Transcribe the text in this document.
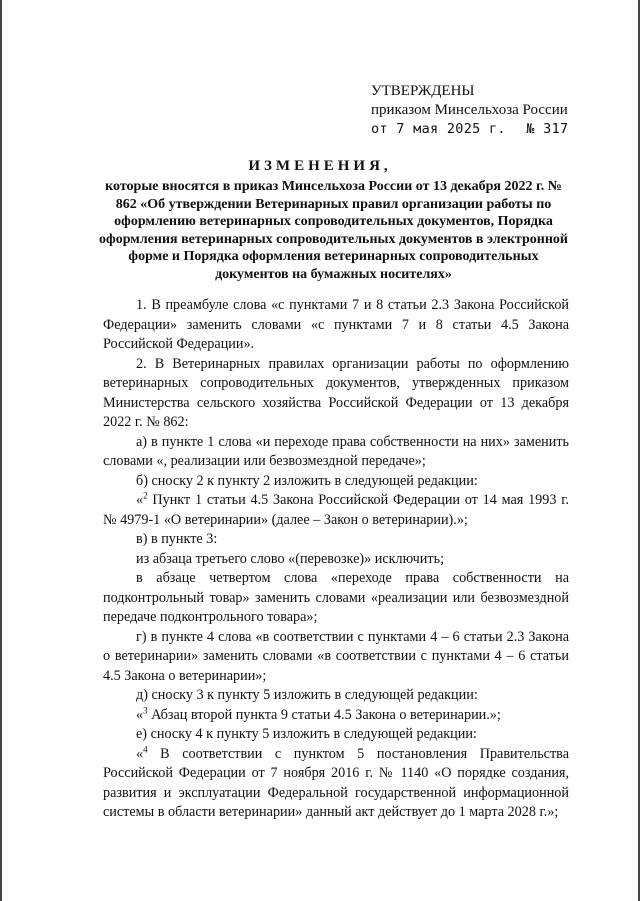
УТВЕРЖДЕНЫ
приказом Минсельхоза России
от 7 мая 2025 г. № 317
ИЗМЕНЕНИЯ,
которые вносятся в приказ Минсельхоза России от 13 декабря 2022 г. № 862 «Об утверждении Ветеринарных правил организации работы по оформлению ветеринарных сопроводительных документов, Порядка оформления ветеринарных сопроводительных документов в электронной форме и Порядка оформления ветеринарных сопроводительных документов на бумажных носителях»

1. В преамбуле слова «с пунктами 7 и 8 статьи 2.3 Закона Российской Федерации» заменить словами «с пунктами 7 и 8 статьи 4.5 Закона Российской Федерации».

2. В Ветеринарных правилах организации работы по оформлению ветеринарных сопроводительных документов, утвержденных приказом Министерства сельского хозяйства Российской Федерации от 13 декабря 2022 г. № 862:

а) в пункте 1 слова «и переходе права собственности на них» заменить словами «, реализации или безвозмездной передаче»;

б) сноску 2 к пункту 2 изложить в следующей редакции:

«$^2$ Пункт 1 статьи 4.5 Закона Российской Федерации от 14 мая 1993 г. № 4979-1 «О ветеринарии» (далее – Закон о ветеринарии).»;

в) в пункте 3:

из абзаца третьего слово «(перевозке)» исключить;

в абзаце четвертом слова «переходе права собственности на подконтрольный товар» заменить словами «реализации или безвозмездной передаче подконтрольного товара»;

г) в пункте 4 слова «в соответствии с пунктами 4 – 6 статьи 2.3 Закона о ветеринарии» заменить словами «в соответствии с пунктами 4 – 6 статьи 4.5 Закона о ветеринарии»;

д) сноску 3 к пункту 5 изложить в следующей редакции:

«$^3$ Абзац второй пункта 9 статьи 4.5 Закона о ветеринарии.»;

е) сноску 4 к пункту 5 изложить в следующей редакции:

«$^4$ В соответствии с пунктом 5 постановления Правительства Российской Федерации от 7 ноября 2016 г. № 1140 «О порядке создания, развития и эксплуатации Федеральной государственной информационной системы в области ветеринарии» данный акт действует до 1 марта 2028 г.»;
